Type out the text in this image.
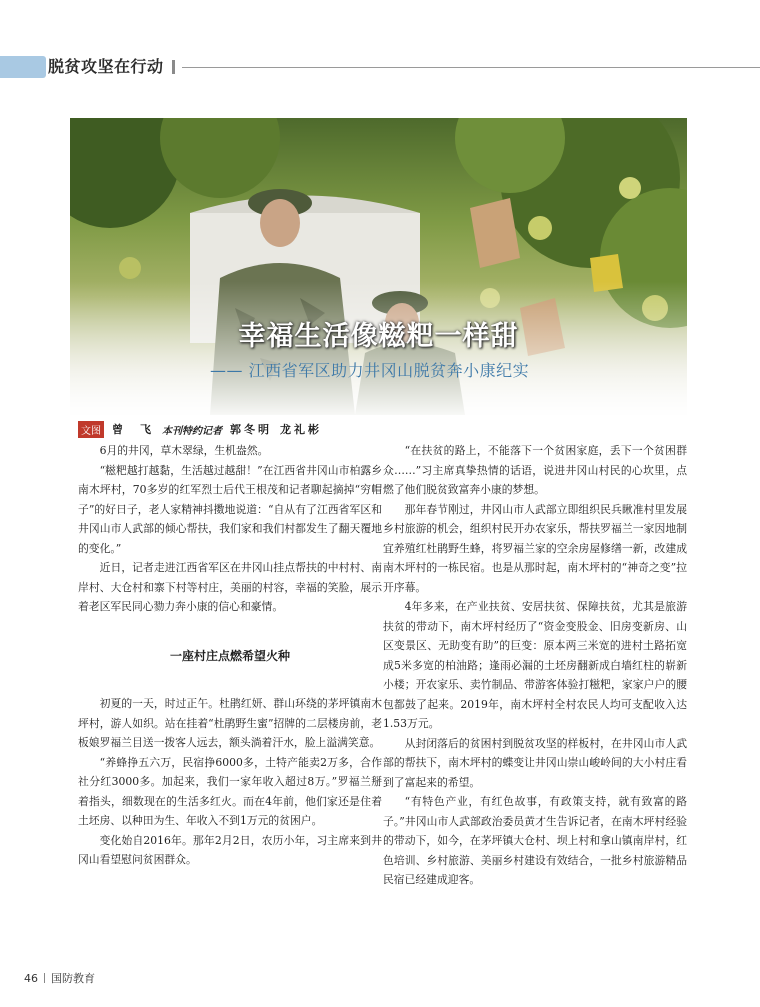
脱贫攻坚在行动
幸福生活像糍粑一样甜
—— 江西省军区助力井冈山脱贫奔小康纪实
文图 曾　飞 本刊特约记者 郭冬明 龙礼彬

6月的井冈，草木翠绿，生机盎然。

“糍粑越打越黏，生活越过越甜！”在江西省井冈山市柏露乡南木坪村，70多岁的红军烈士后代王根茂和记者聊起摘掉“穷帽子”的好日子，老人家精神抖擞地说道：“自从有了江西省军区和井冈山市人武部的倾心帮扶，我们家和我们村都发生了翻天覆地的变化。”

近日，记者走进江西省军区在井冈山挂点帮扶的中村村、南岸村、大仓村和寨下村等村庄，美丽的村容，幸福的笑脸，展示着老区军民同心勠力奔小康的信心和豪情。

一座村庄点燃希望火种

初夏的一天，时过正午。杜鹃红妍、群山环绕的茅坪镇南木坪村，游人如织。站在挂着“杜鹃野生蜜”招牌的二层楼房前，老板娘罗福兰目送一拨客人远去，额头淌着汗水，脸上溢满笑意。

“养蜂挣五六万，民宿挣6000多，土特产能卖2万多，合作社分红3000多。加起来，我们一家年收入超过8万。”罗福兰掰着指头，细数现在的生活多红火。而在4年前，他们家还是住着土坯房、以种田为生、年收入不到1万元的贫困户。

变化始自2016年。那年2月2日，农历小年，习主席来到井冈山看望慰问贫困群众。

“在扶贫的路上，不能落下一个贫困家庭，丢下一个贫困群众……”习主席真挚热情的话语，说进井冈山村民的心坎里，点燃了他们脱贫致富奔小康的梦想。

那年春节刚过，井冈山市人武部立即组织民兵瞅准村里发展乡村旅游的机会，组织村民开办农家乐，帮扶罗福兰一家因地制宜养殖红杜鹃野生蜂，将罗福兰家的空余房屋修缮一新，改建成南木坪村的一栋民宿。也是从那时起，南木坪村的“神奇之变”拉开序幕。

4年多来，在产业扶贫、安居扶贫、保障扶贫，尤其是旅游扶贫的带动下，南木坪村经历了“资金变股金、旧房变新房、山区变景区、无助变有助”的巨变：原本两三米宽的进村土路拓宽成5米多宽的柏油路；逢雨必漏的土坯房翻新成白墙红柱的崭新小楼；开农家乐、卖竹制品、带游客体验打糍粑，家家户户的腰包都鼓了起来。2019年，南木坪村全村农民人均可支配收入达1.53万元。

从封闭落后的贫困村到脱贫攻坚的样板村，在井冈山市人武部的帮扶下，南木坪村的蝶变让井冈山崇山峻岭间的大小村庄看到了富起来的希望。

“有特色产业，有红色故事，有政策支持，就有致富的路子。”井冈山市人武部政治委员黄才生告诉记者，在南木坪村经验的带动下，如今，在茅坪镇大仓村、坝上村和拿山镇南岸村，红色培训、乡村旅游、美丽乡村建设有效结合，一批乡村旅游精品民宿已经建成迎客。

46 国防教育
